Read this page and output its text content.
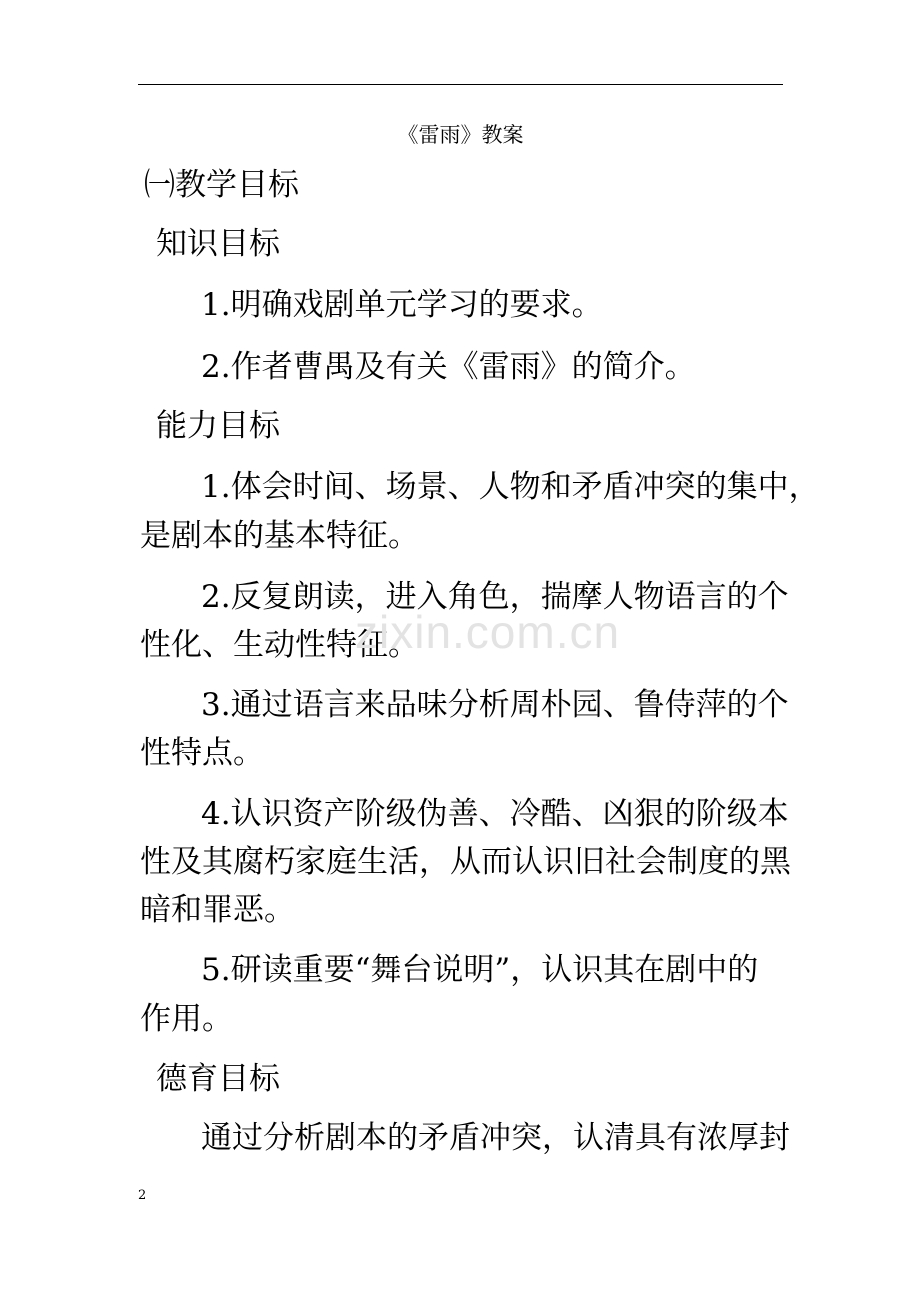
《雷雨》教案
㈠教学目标
知识目标
1.明确戏剧单元学习的要求。
2.作者曹禺及有关《雷雨》的简介。
能力目标
1.体会时间、场景、人物和矛盾冲突的集中，
是剧本的基本特征。
2.反复朗读，进入角色，揣摩人物语言的个
性化、生动性特征。
3.通过语言来品味分析周朴园、鲁侍萍的个
性特点。
4.认识资产阶级伪善、冷酷、凶狠的阶级本
性及其腐朽家庭生活，从而认识旧社会制度的黑
暗和罪恶。
5.研读重要“舞台说明”，认识其在剧中的
作用。
德育目标
通过分析剧本的矛盾冲突，认清具有浓厚封
zixin.com.cn
2
